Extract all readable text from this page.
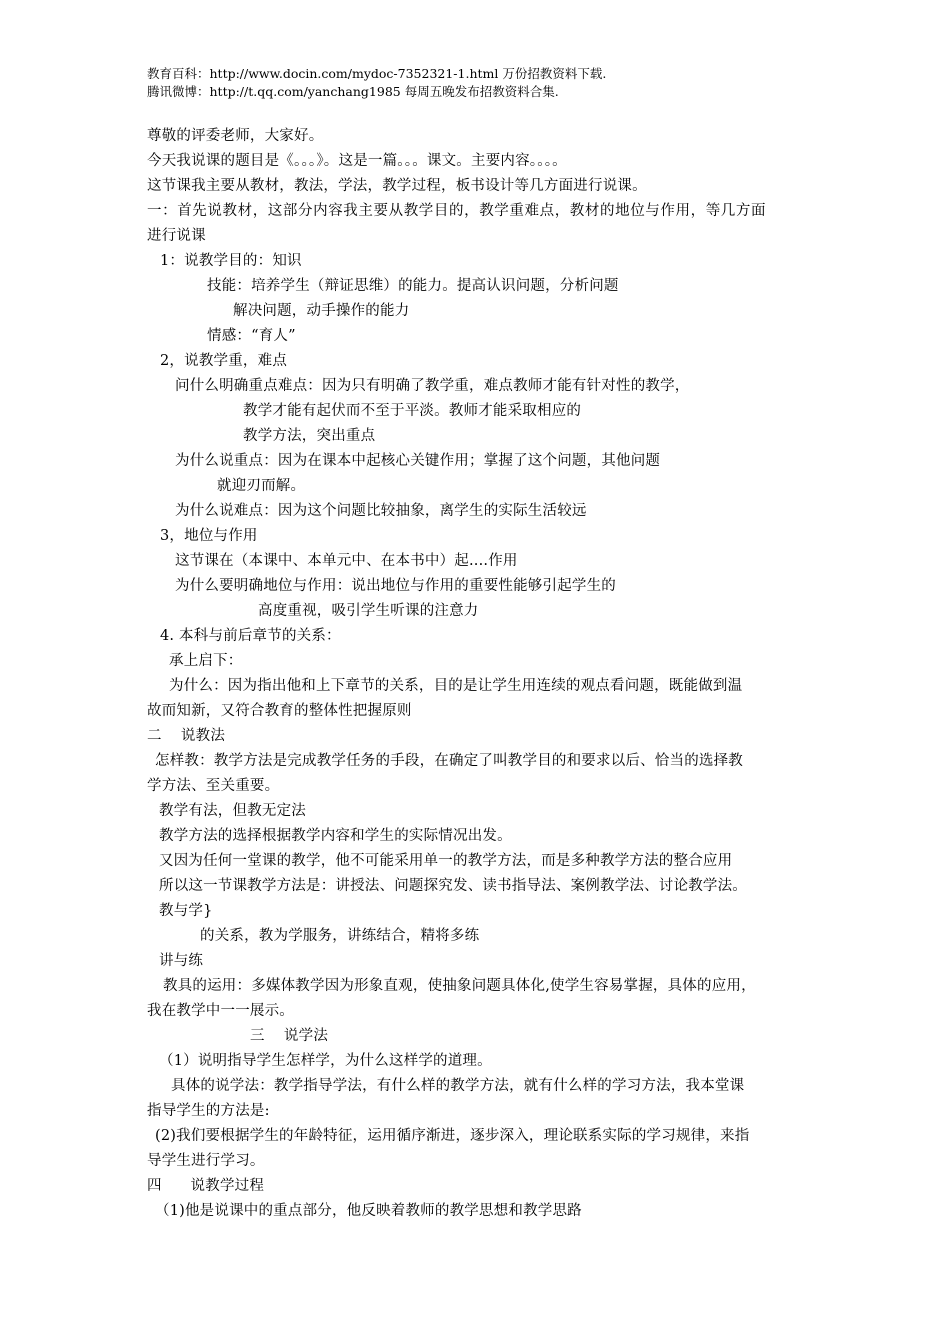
教育百科：http://www.docin.com/mydoc-7352321-1.html 万份招教资料下载.
腾讯微博：http://t.qq.com/yanchang1985 每周五晚发布招教资料合集.
尊敬的评委老师，大家好。
今天我说课的题目是《。。。》。这是一篇。。。课文。主要内容。。。。
这节课我主要从教材，教法，学法，教学过程，板书设计等几方面进行说课。
一：首先说教材，这部分内容我主要从教学目的，教学重难点，教材的地位与作用，等几方面
进行说课
1：说教学目的：知识
技能：培养学生（辩证思维）的能力。提高认识问题，分析问题
解决问题，动手操作的能力
情感：“育人”
2，说教学重，难点
问什么明确重点难点：因为只有明确了教学重，难点教师才能有针对性的教学，
教学才能有起伏而不至于平淡。教师才能采取相应的
教学方法，突出重点
为什么说重点：因为在课本中起核心关键作用；掌握了这个问题，其他问题
就迎刃而解。
为什么说难点：因为这个问题比较抽象，离学生的实际生活较远
3，地位与作用
这节课在（本课中、本单元中、在本书中）起....作用
为什么要明确地位与作用：说出地位与作用的重要性能够引起学生的
高度重视，吸引学生听课的注意力
4. 本科与前后章节的关系：
承上启下：
为什么：因为指出他和上下章节的关系，目的是让学生用连续的观点看问题，既能做到温
故而知新，又符合教育的整体性把握原则
二    说教法
怎样教：教学方法是完成教学任务的手段，在确定了叫教学目的和要求以后、恰当的选择教
学方法、至关重要。
教学有法，但教无定法
教学方法的选择根据教学内容和学生的实际情况出发。
又因为任何一堂课的教学，他不可能采用单一的教学方法，而是多种教学方法的整合应用
所以这一节课教学方法是：讲授法、问题探究发、读书指导法、案例教学法、讨论教学法。
教与学}
的关系，教为学服务，讲练结合，精将多练
讲与练
教具的运用：多媒体教学因为形象直观，使抽象问题具体化,使学生容易掌握，具体的应用，
我在教学中一一展示。
三    说学法
（1）说明指导学生怎样学，为什么这样学的道理。
具体的说学法：教学指导学法，有什么样的教学方法，就有什么样的学习方法，我本堂课
指导学生的方法是:
(2)我们要根据学生的年龄特征，运用循序渐进，逐步深入，理论联系实际的学习规律，来指
导学生进行学习。
四      说教学过程
（1)他是说课中的重点部分，他反映着教师的教学思想和教学思路
